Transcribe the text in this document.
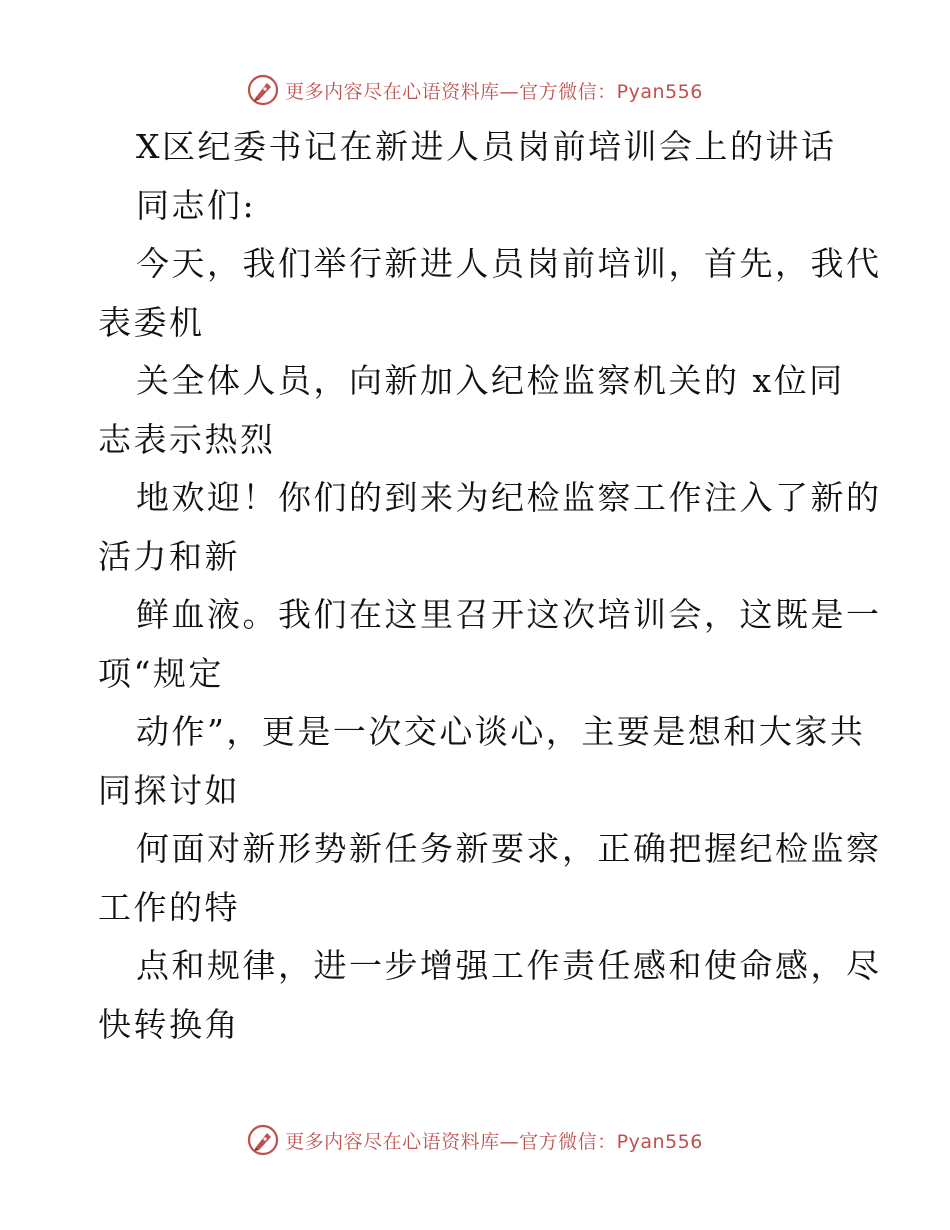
更多内容尽在心语资料库—官方微信：Pyan556
X区纪委书记在新进人员岗前培训会上的讲话
同志们:
今天，我们举行新进人员岗前培训，首先，我代
表委机
关全体人员，向新加入纪检监察机关的 x位同
志表示热烈
地欢迎！你们的到来为纪检监察工作注入了新的
活力和新
鲜血液。我们在这里召开这次培训会，这既是一
项“规定
动作”，更是一次交心谈心，主要是想和大家共
同探讨如
何面对新形势新任务新要求，正确把握纪检监察
工作的特
点和规律，进一步增强工作责任感和使命感，尽
快转换角
更多内容尽在心语资料库—官方微信：Pyan556
